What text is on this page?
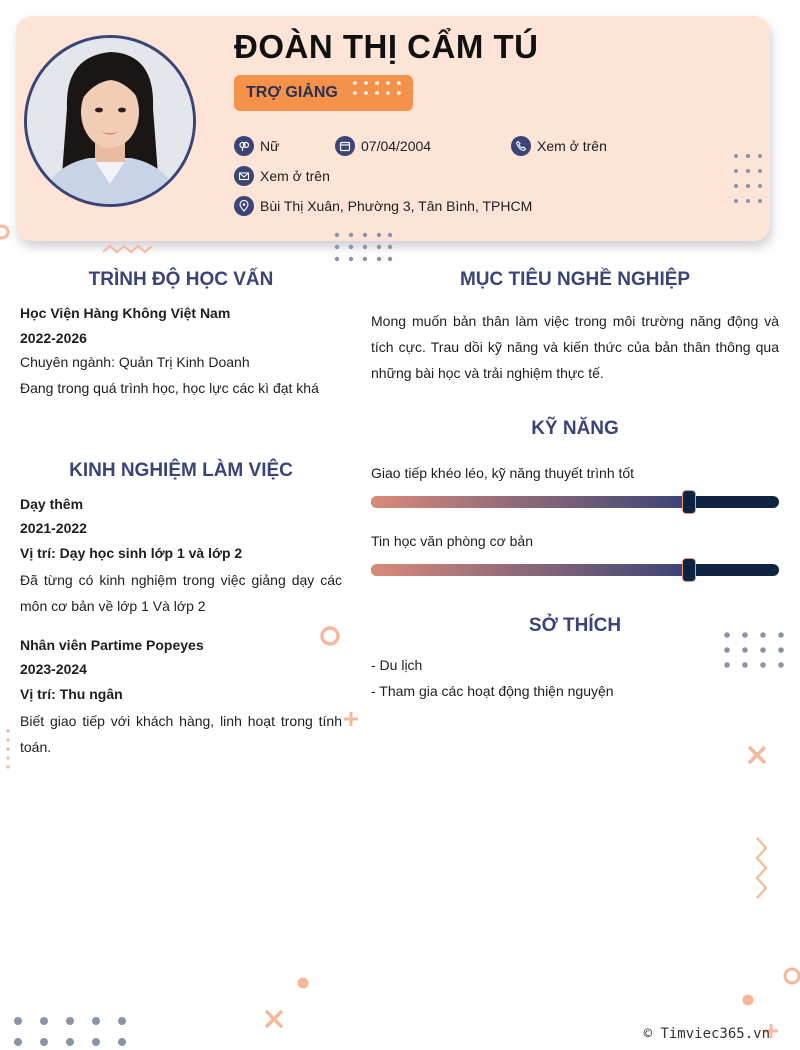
ĐOÀN THỊ CẨM TÚ
TRỢ GIẢNG
Nữ	07/04/2004	Xem ở trên
Xem ở trên
Bùi Thị Xuân, Phường 3, Tân Bình, TPHCM
TRÌNH ĐỘ HỌC VẤN
Học Viện Hàng Không Việt Nam
2022-2026
Chuyên ngành: Quản Trị Kinh Doanh
Đang trong quá trình học, học lực các kì đạt khá
KINH NGHIỆM LÀM VIỆC
Dạy thêm
2021-2022
Vị trí: Dạy học sinh lớp 1 và lớp 2
Đã từng có kinh nghiệm trong việc giảng dạy các môn cơ bản về lớp 1 Và lớp 2
Nhân viên Partime Popeyes
2023-2024
Vị trí: Thu ngân
Biết giao tiếp với khách hàng, linh hoạt trong tính toán.
MỤC TIÊU NGHỀ NGHIỆP
Mong muốn bản thân làm việc trong môi trường năng động và tích cực. Trau dồi kỹ năng và kiến thức của bản thân thông qua những bài học và trải nghiệm thực tế.
KỸ NĂNG
Giao tiếp khéo léo, kỹ năng thuyết trình tốt
Tin học văn phòng cơ bản
SỞ THÍCH
- Du lịch
- Tham gia các hoạt động thiện nguyện
© Timviec365.vn
